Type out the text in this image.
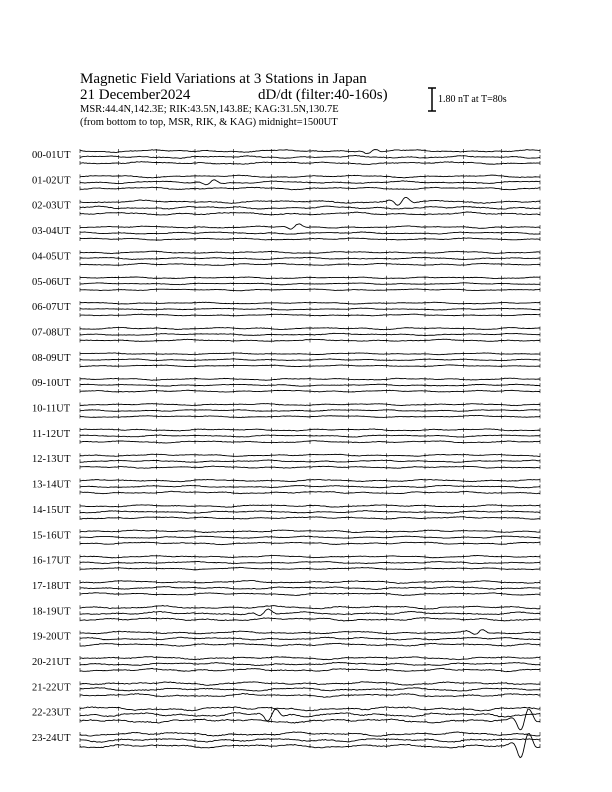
00-01UT
01-02UT
02-03UT
03-04UT
04-05UT
05-06UT
06-07UT
07-08UT
08-09UT
09-10UT
10-11UT
11-12UT
12-13UT
13-14UT
14-15UT
15-16UT
16-17UT
17-18UT
18-19UT
19-20UT
20-21UT
21-22UT
22-23UT
23-24UT
Magnetic Field Variations at 3 Stations in Japan
21 December2024	dD/dt (filter:40-160s)
MSR:44.4N,142.3E; RIK:43.5N,143.8E; KAG:31.5N,130.7E
(from bottom to top, MSR, RIK, & KAG) midnight=1500UT
1.80 nT at T=80s
